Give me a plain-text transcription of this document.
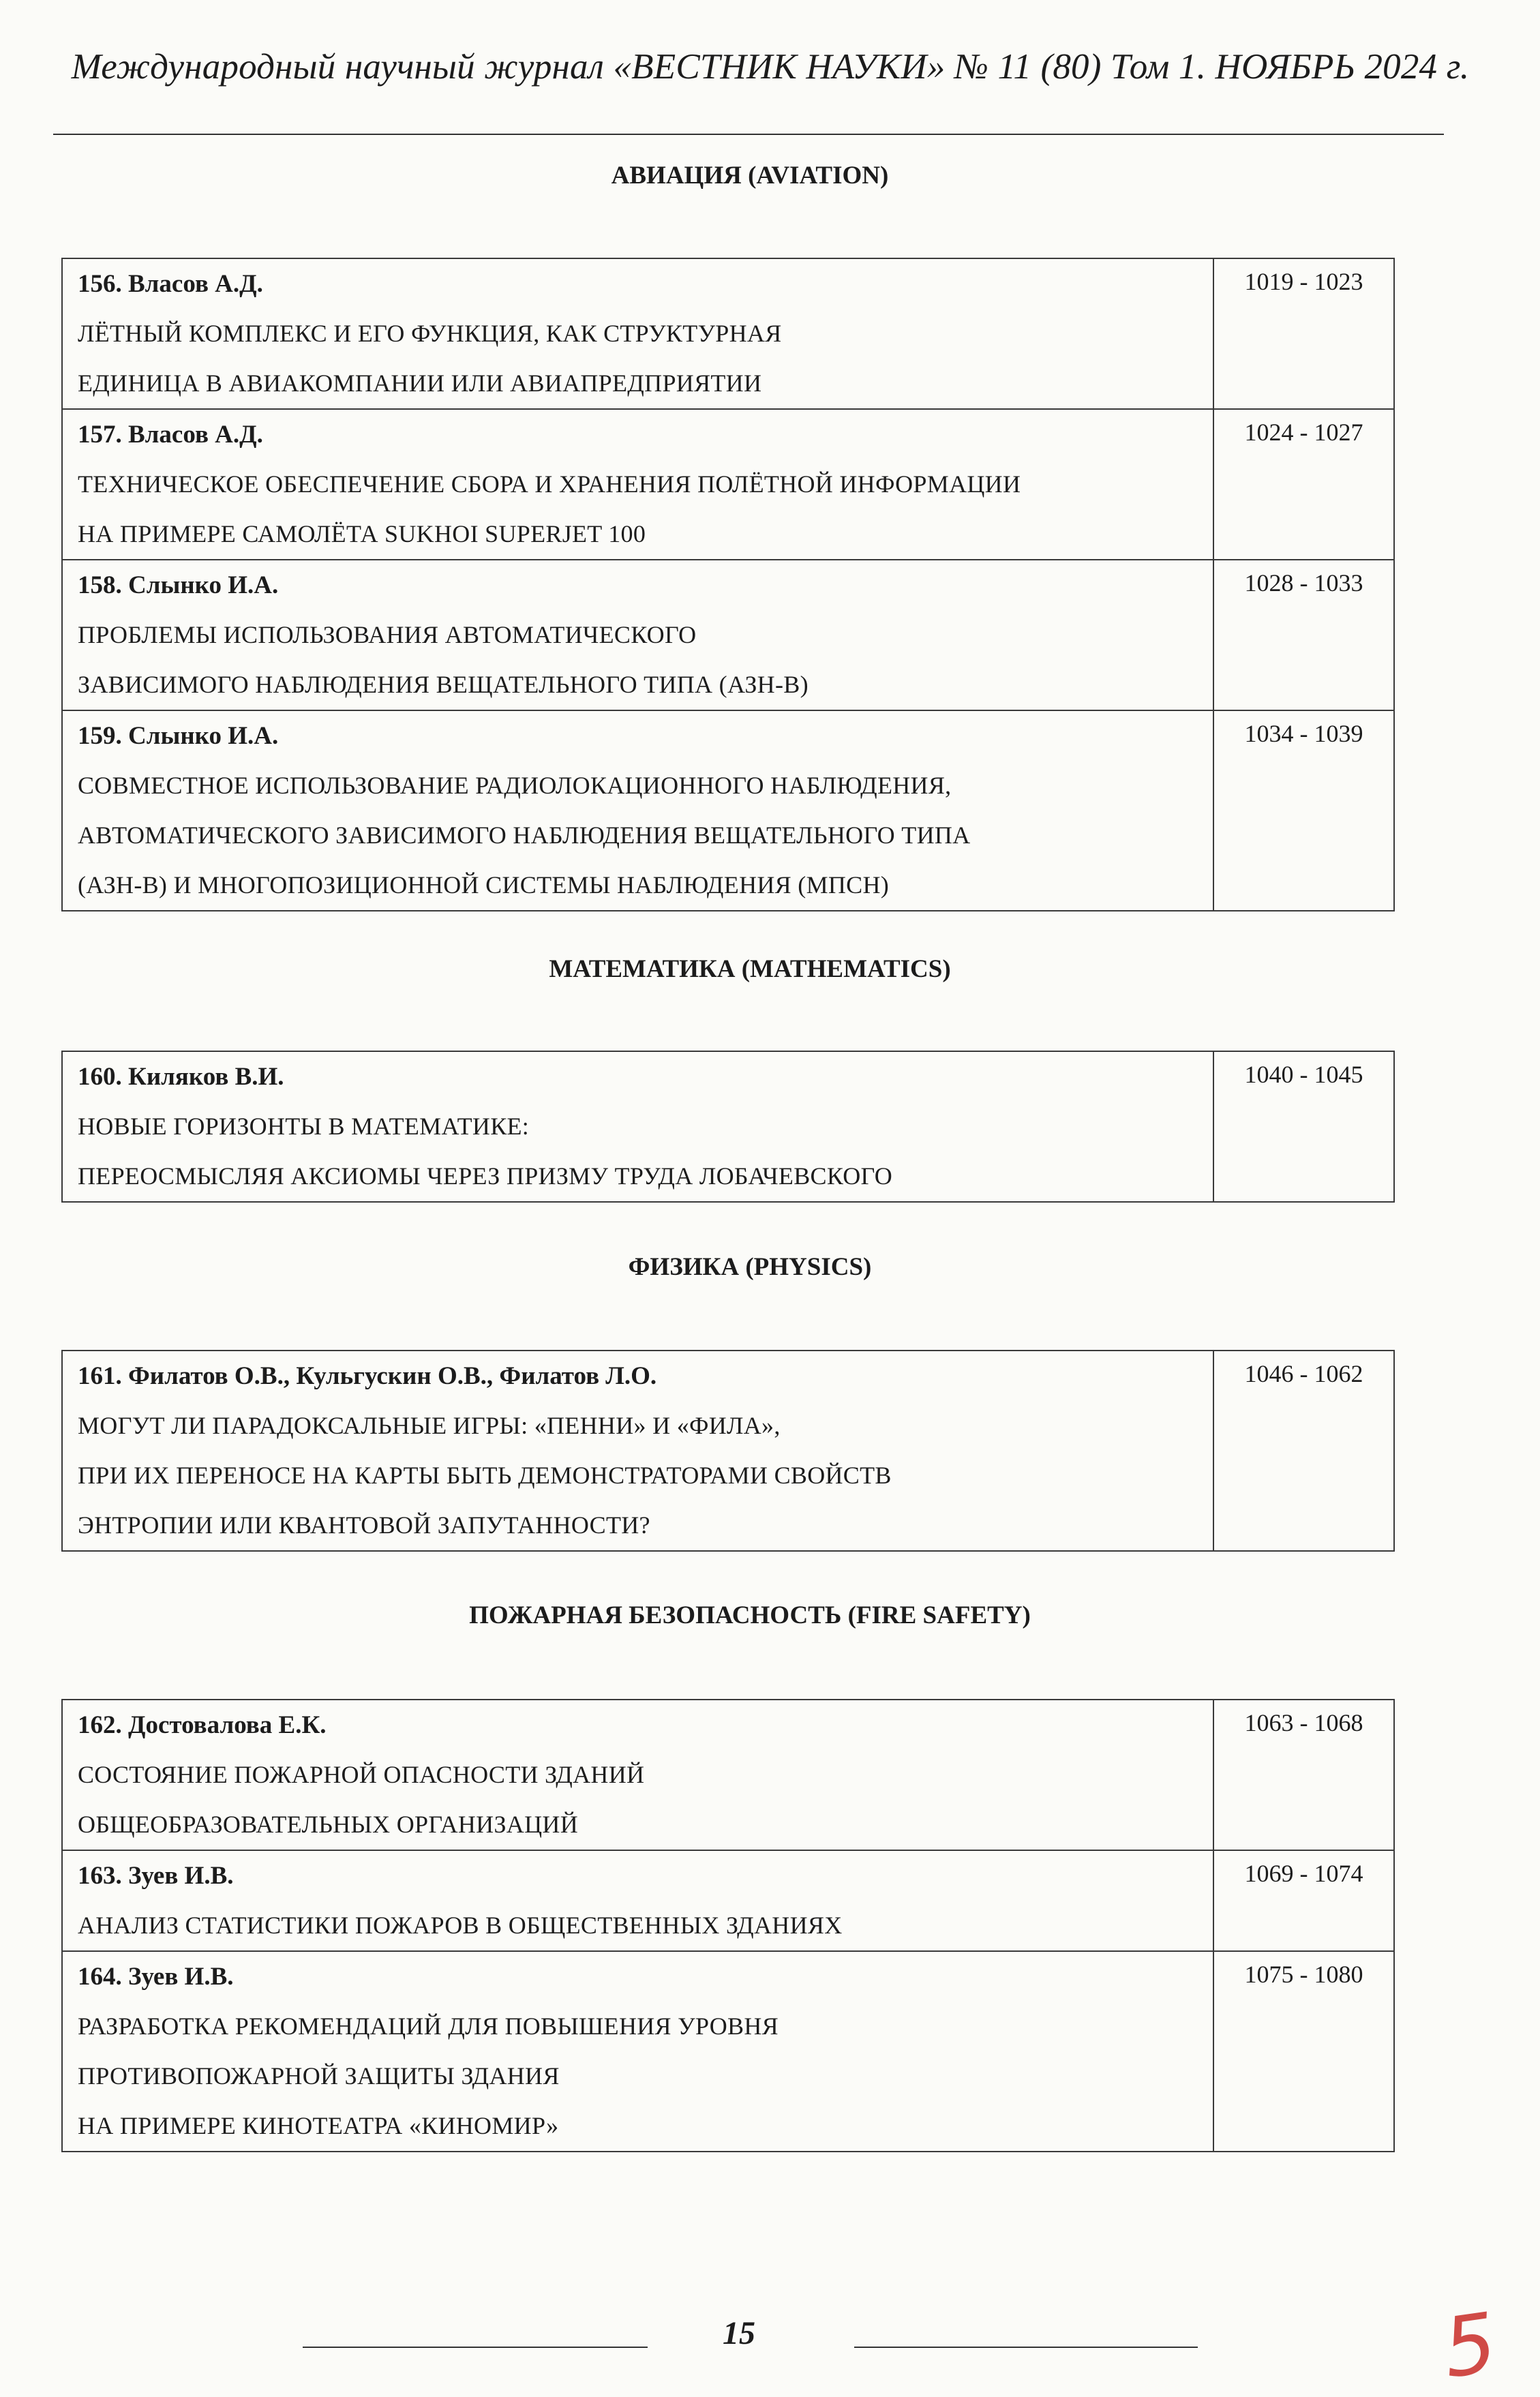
Международный научный журнал «ВЕСТНИК НАУКИ» № 11 (80) Том 1. НОЯБРЬ 2024 г.
АВИАЦИЯ (AVIATION)
156. Власов А.Д.
ЛЁТНЫЙ КОМПЛЕКС И ЕГО ФУНКЦИЯ, КАК СТРУКТУРНАЯ
ЕДИНИЦА В АВИАКОМПАНИИ ИЛИ АВИАПРЕДПРИЯТИИ	1019 - 1023

157. Власов А.Д.
ТЕХНИЧЕСКОЕ ОБЕСПЕЧЕНИЕ СБОРА И ХРАНЕНИЯ ПОЛЁТНОЙ ИНФОРМАЦИИ
НА ПРИМЕРЕ САМОЛЁТА SUKHOI SUPERJET 100	1024 - 1027

158. Слынко И.А.
ПРОБЛЕМЫ ИСПОЛЬЗОВАНИЯ АВТОМАТИЧЕСКОГО
ЗАВИСИМОГО НАБЛЮДЕНИЯ ВЕЩАТЕЛЬНОГО ТИПА (АЗН-В)	1028 - 1033

159. Слынко И.А.
СОВМЕСТНОЕ ИСПОЛЬЗОВАНИЕ РАДИОЛОКАЦИОННОГО НАБЛЮДЕНИЯ,
АВТОМАТИЧЕСКОГО ЗАВИСИМОГО НАБЛЮДЕНИЯ ВЕЩАТЕЛЬНОГО ТИПА
(АЗН-В) И МНОГОПОЗИЦИОННОЙ СИСТЕМЫ НАБЛЮДЕНИЯ (МПСН)	1034 - 1039
МАТЕМАТИКА (MATHEMATICS)
160. Киляков В.И.
НОВЫЕ ГОРИЗОНТЫ В МАТЕМАТИКЕ:
ПЕРЕОСМЫСЛЯЯ АКСИОМЫ ЧЕРЕЗ ПРИЗМУ ТРУДА ЛОБАЧЕВСКОГО
	1040 - 1045
ФИЗИКА (PHYSICS)
161. Филатов О.В., Кульгускин О.В., Филатов Л.О.
МОГУТ ЛИ ПАРАДОКСАЛЬНЫЕ ИГРЫ: «ПЕННИ» И «ФИЛА»,
ПРИ ИХ ПЕРЕНОСЕ НА КАРТЫ БЫТЬ ДЕМОНСТРАТОРАМИ СВОЙСТВ
ЭНТРОПИИ ИЛИ КВАНТОВОЙ ЗАПУТАННОСТИ?
	1046 - 1062
ПОЖАРНАЯ БЕЗОПАСНОСТЬ (FIRE SAFETY)
162. Достовалова Е.К.
СОСТОЯНИЕ ПОЖАРНОЙ ОПАСНОСТИ ЗДАНИЙ
ОБЩЕОБРАЗОВАТЕЛЬНЫХ ОРГАНИЗАЦИЙ	1063 - 1068

163. Зуев И.В.
АНАЛИЗ СТАТИСТИКИ ПОЖАРОВ В ОБЩЕСТВЕННЫХ ЗДАНИЯХ	1069 - 1074

164. Зуев И.В.
РАЗРАБОТКА РЕКОМЕНДАЦИЙ ДЛЯ ПОВЫШЕНИЯ УРОВНЯ
ПРОТИВОПОЖАРНОЙ ЗАЩИТЫ ЗДАНИЯ
НА ПРИМЕРЕ КИНОТЕАТРА «КИНОМИР»	1075 - 1080
15	5
